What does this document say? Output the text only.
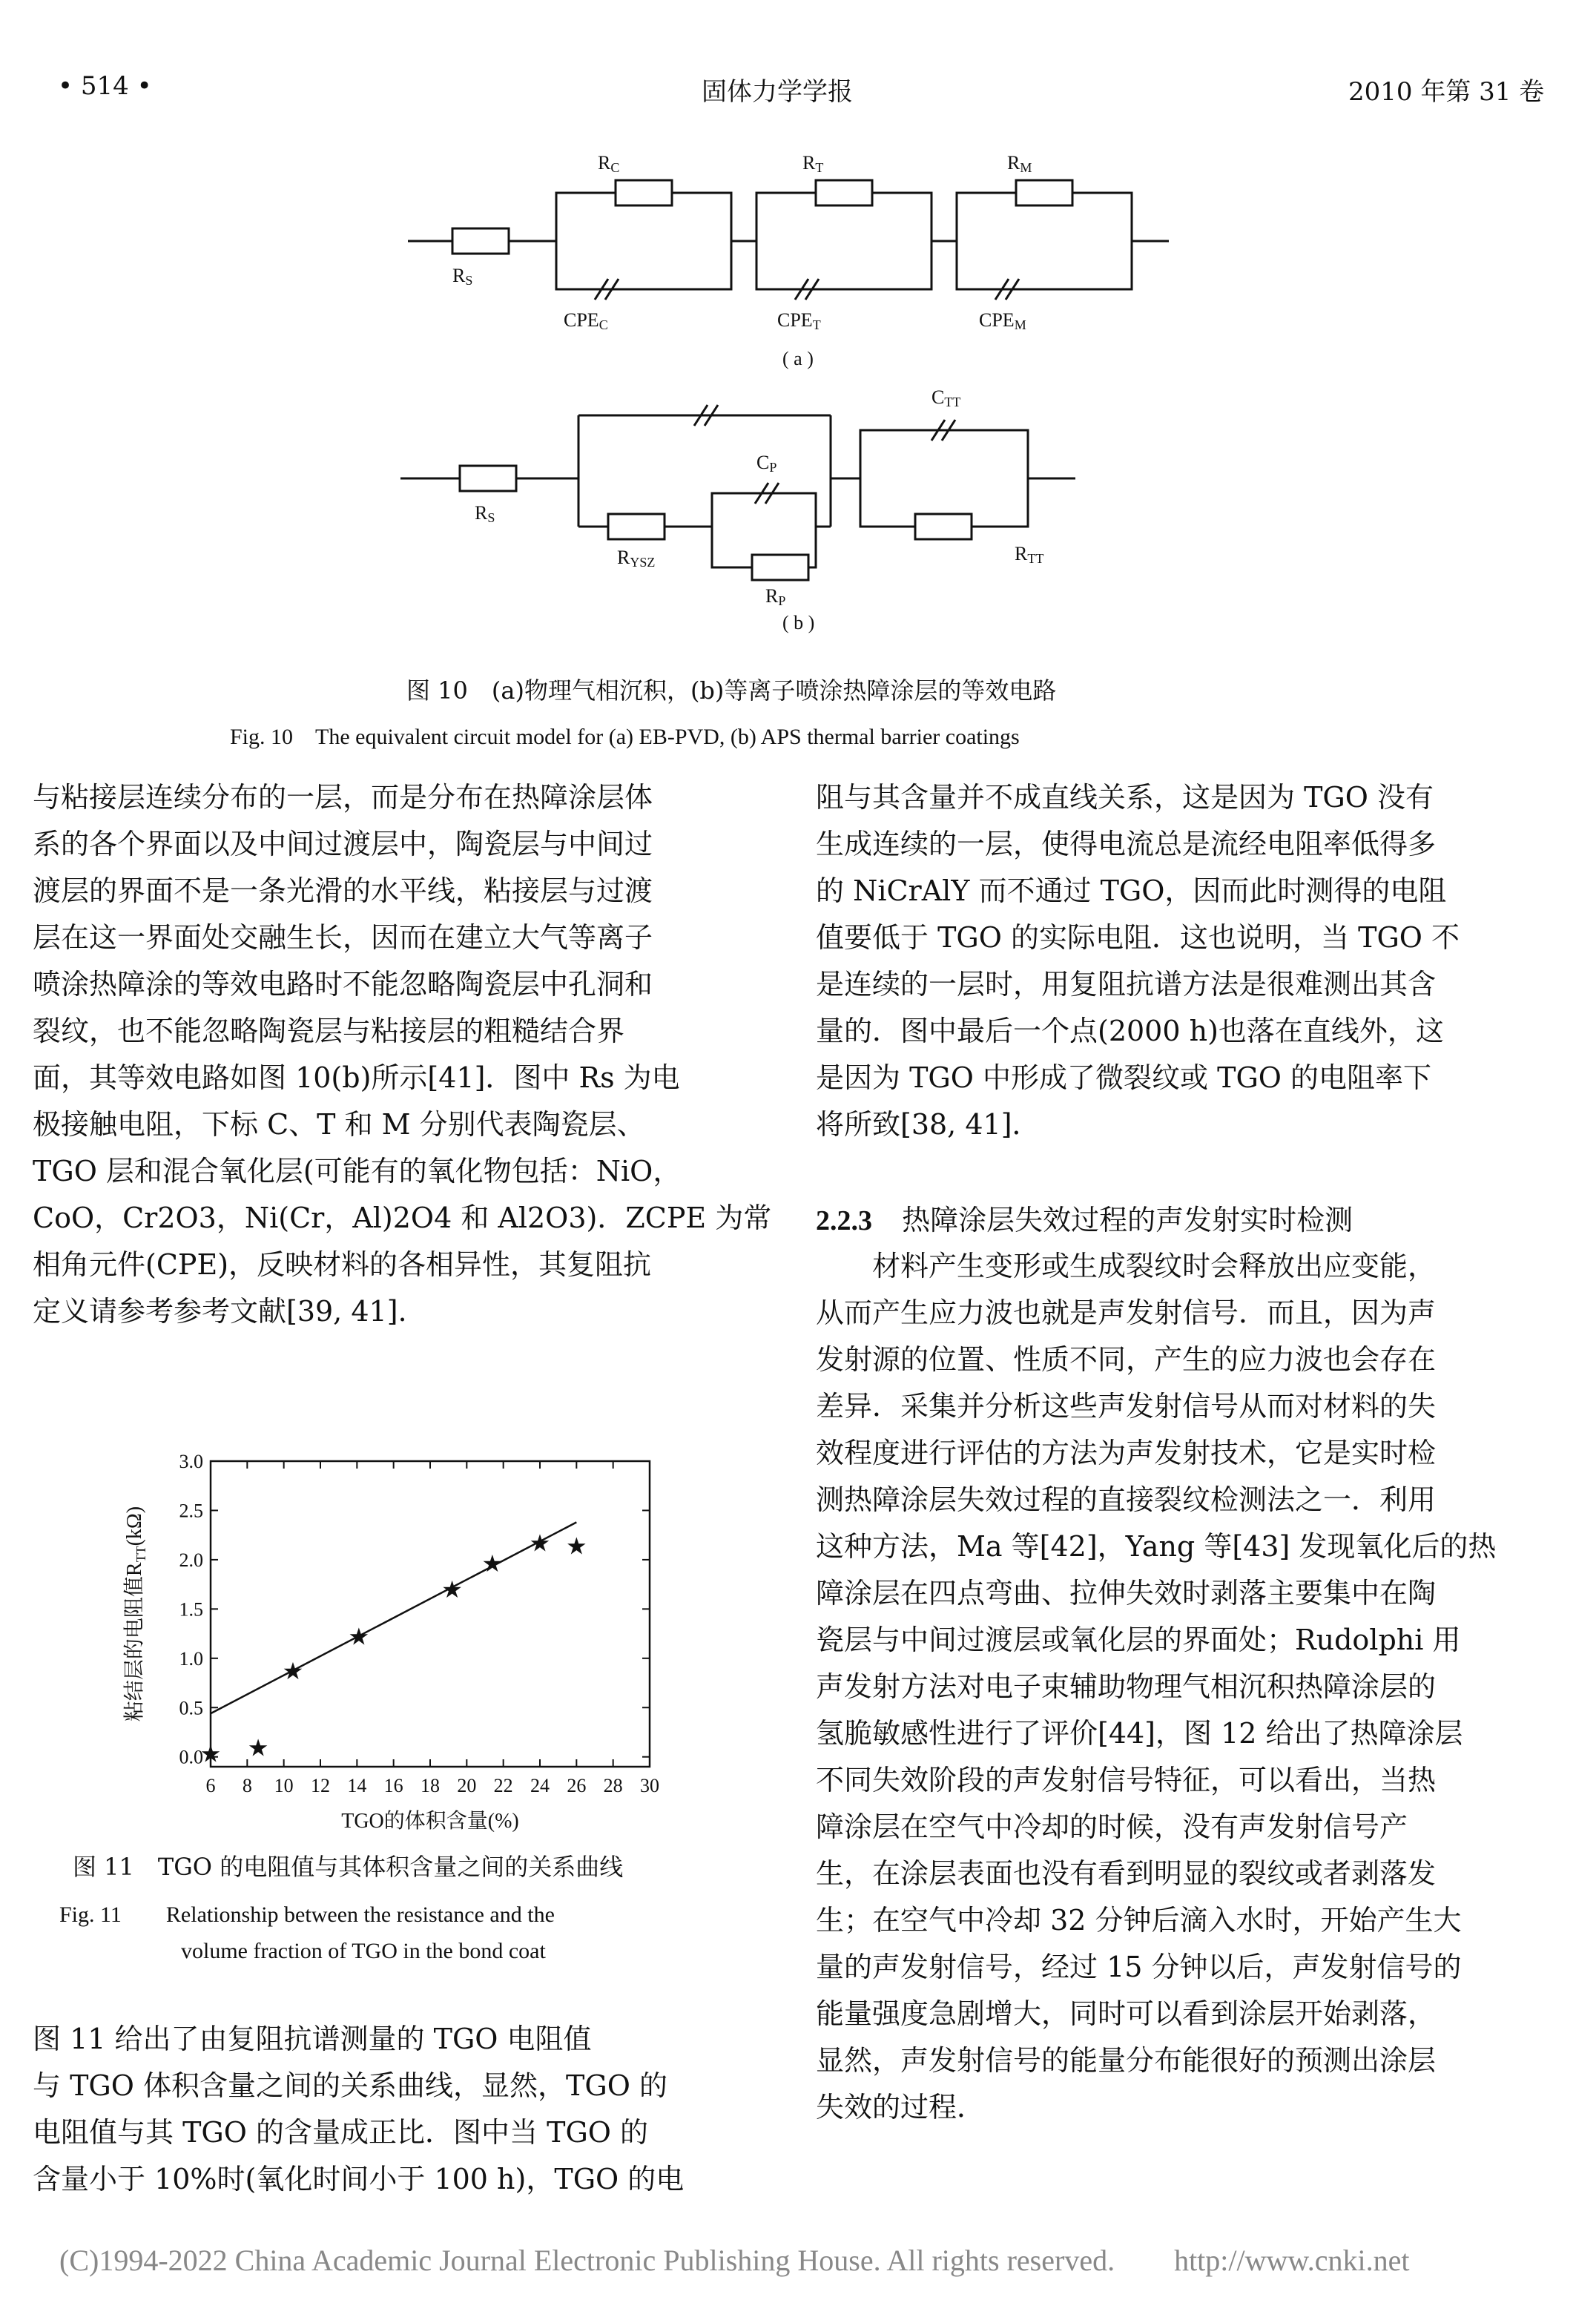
• 514 •	固体力学学报	2010 年第 31 卷
RC	RT	RM
RS
CPEC	CPET	CPEM
( a )
CTT
CP
RS
RYSZ	RTT
RP
( b )
图 10　(a)物理气相沉积，(b)等离子喷涂热障涂层的等效电路
Fig. 10　The equivalent circuit model for (a) EB-PVD, (b) APS thermal barrier coatings
与粘接层连续分布的一层，而是分布在热障涂层体
系的各个界面以及中间过渡层中，陶瓷层与中间过
渡层的界面不是一条光滑的水平线，粘接层与过渡
层在这一界面处交融生长，因而在建立大气等离子
喷涂热障涂的等效电路时不能忽略陶瓷层中孔洞和
裂纹，也不能忽略陶瓷层与粘接层的粗糙结合界
面，其等效电路如图 10(b)所示[41]．图中 Rs 为电
极接触电阻，下标 C、T 和 M 分别代表陶瓷层、
TGO 层和混合氧化层(可能有的氧化物包括：NiO，
CoO，Cr2O3，Ni(Cr，Al)2O4 和 Al2O3)．ZCPE 为常
相角元件(CPE)，反映材料的各相异性，其复阻抗
定义请参考参考文献[39, 41].
6 8 10 12 14 16 18 20 22 24 26 28 30
0.0
0.5
1.0
1.5
2.0
2.5
3.0
★ ★
★
★
★
★
★ ★
TGO的体积含量(%)
粘结层的电阻值$R_{TT}(k\Omega)$
图 11　TGO 的电阻值与其体积含量之间的关系曲线
Fig. 11　　Relationship between the resistance and the
volume fraction of TGO in the bond coat
图 11 给出了由复阻抗谱测量的 TGO 电阻值
与 TGO 体积含量之间的关系曲线，显然，TGO 的
电阻值与其 TGO 的含量成正比．图中当 TGO 的
含量小于 10%时(氧化时间小于 100 h)，TGO 的电
阻与其含量并不成直线关系，这是因为 TGO 没有
生成连续的一层，使得电流总是流经电阻率低得多
的 NiCrAlY 而不通过 TGO，因而此时测得的电阻
值要低于 TGO 的实际电阻．这也说明，当 TGO 不
是连续的一层时，用复阻抗谱方法是很难测出其含
量的．图中最后一个点(2000 h)也落在直线外，这
是因为 TGO 中形成了微裂纹或 TGO 的电阻率下
将所致[38, 41]．
2.2.3 热障涂层失效过程的声发射实时检测
　　材料产生变形或生成裂纹时会释放出应变能，
从而产生应力波也就是声发射信号．而且，因为声
发射源的位置、性质不同，产生的应力波也会存在
差异．采集并分析这些声发射信号从而对材料的失
效程度进行评估的方法为声发射技术，它是实时检
测热障涂层失效过程的直接裂纹检测法之一．利用
这种方法，Ma 等[42]，Yang 等[43] 发现氧化后的热
障涂层在四点弯曲、拉伸失效时剥落主要集中在陶
瓷层与中间过渡层或氧化层的界面处；Rudolphi 用
声发射方法对电子束辅助物理气相沉积热障涂层的
氢脆敏感性进行了评价[44]，图 12 给出了热障涂层
不同失效阶段的声发射信号特征，可以看出，当热
障涂层在空气中冷却的时候，没有声发射信号产
生，在涂层表面也没有看到明显的裂纹或者剥落发
生；在空气中冷却 32 分钟后滴入水时，开始产生大
量的声发射信号，经过 15 分钟以后，声发射信号的
能量强度急剧增大，同时可以看到涂层开始剥落，
显然，声发射信号的能量分布能很好的预测出涂层
失效的过程．
(C)1994-2022 China Academic Journal Electronic Publishing House. All rights reserved.　　http://www.cnki.net
